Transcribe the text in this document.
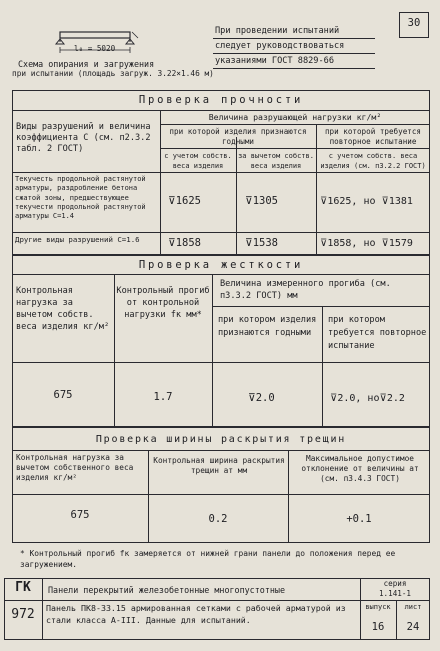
30
l₀ = 5020
Схема опирания и загружения
при испытании (площадь загруж. 3.22×1.46 м)
При проведении испытаний
следует руководствоваться
указаниями ГОСТ 8829-66
Проверка прочности
Виды разрушений и величина коэффициента С (см. п2.3.2 табл. 2 ГОСТ)
Величина разрушающей нагрузки кг/м²
при которой изделия признаются годными
при которой требуется повторное испытание
с учетом собств. веса изделия
за вычетом собств. веса изделия
с учетом собств. веса изделия (см. п3.2.2 ГОСТ)
Текучесть продольной растянутой арматуры, раздробление бетона сжатой зоны, предшествующее текучести продольной растянутой арматуры С=1.4
⊽1625	⊽1305	⊽1625, но ⊽1381
Другие виды разрушений С=1.6	⊽1858	⊽1538	⊽1858, но ⊽1579
Проверка жесткости
Контрольная нагрузка за вычетом собств. веса изделия кг/м²
Контрольный прогиб от контрольной нагрузки fк мм*
Величина измеренного прогиба (см. п3.3.2 ГОСТ) мм
при котором изделия признаются годными
при котором требуется повторное испытание
675	1.7	⊽2.0	⊽2.0, но⊽2.2
Проверка ширины раскрытия трещин
Контрольная нагрузка за вычетом собственного веса изделия кг/м²
Контрольная ширина раскрытия трещин aт мм
Максимальное допустимое отклонение от величины aт (см. п3.4.3 ГОСТ)
675	0.2	+0.1
* Контрольный прогиб fк замеряется от нижней грани панели до положения перед ее загружением.
ГК
972
Панели перекрытий железобетонные многопустотные
Панель ПК8-33.15 армированная сетками с рабочей арматурой из стали класса А-III. Данные для испытаний.
серия
1.141-1
выпуск
16
лист
24
